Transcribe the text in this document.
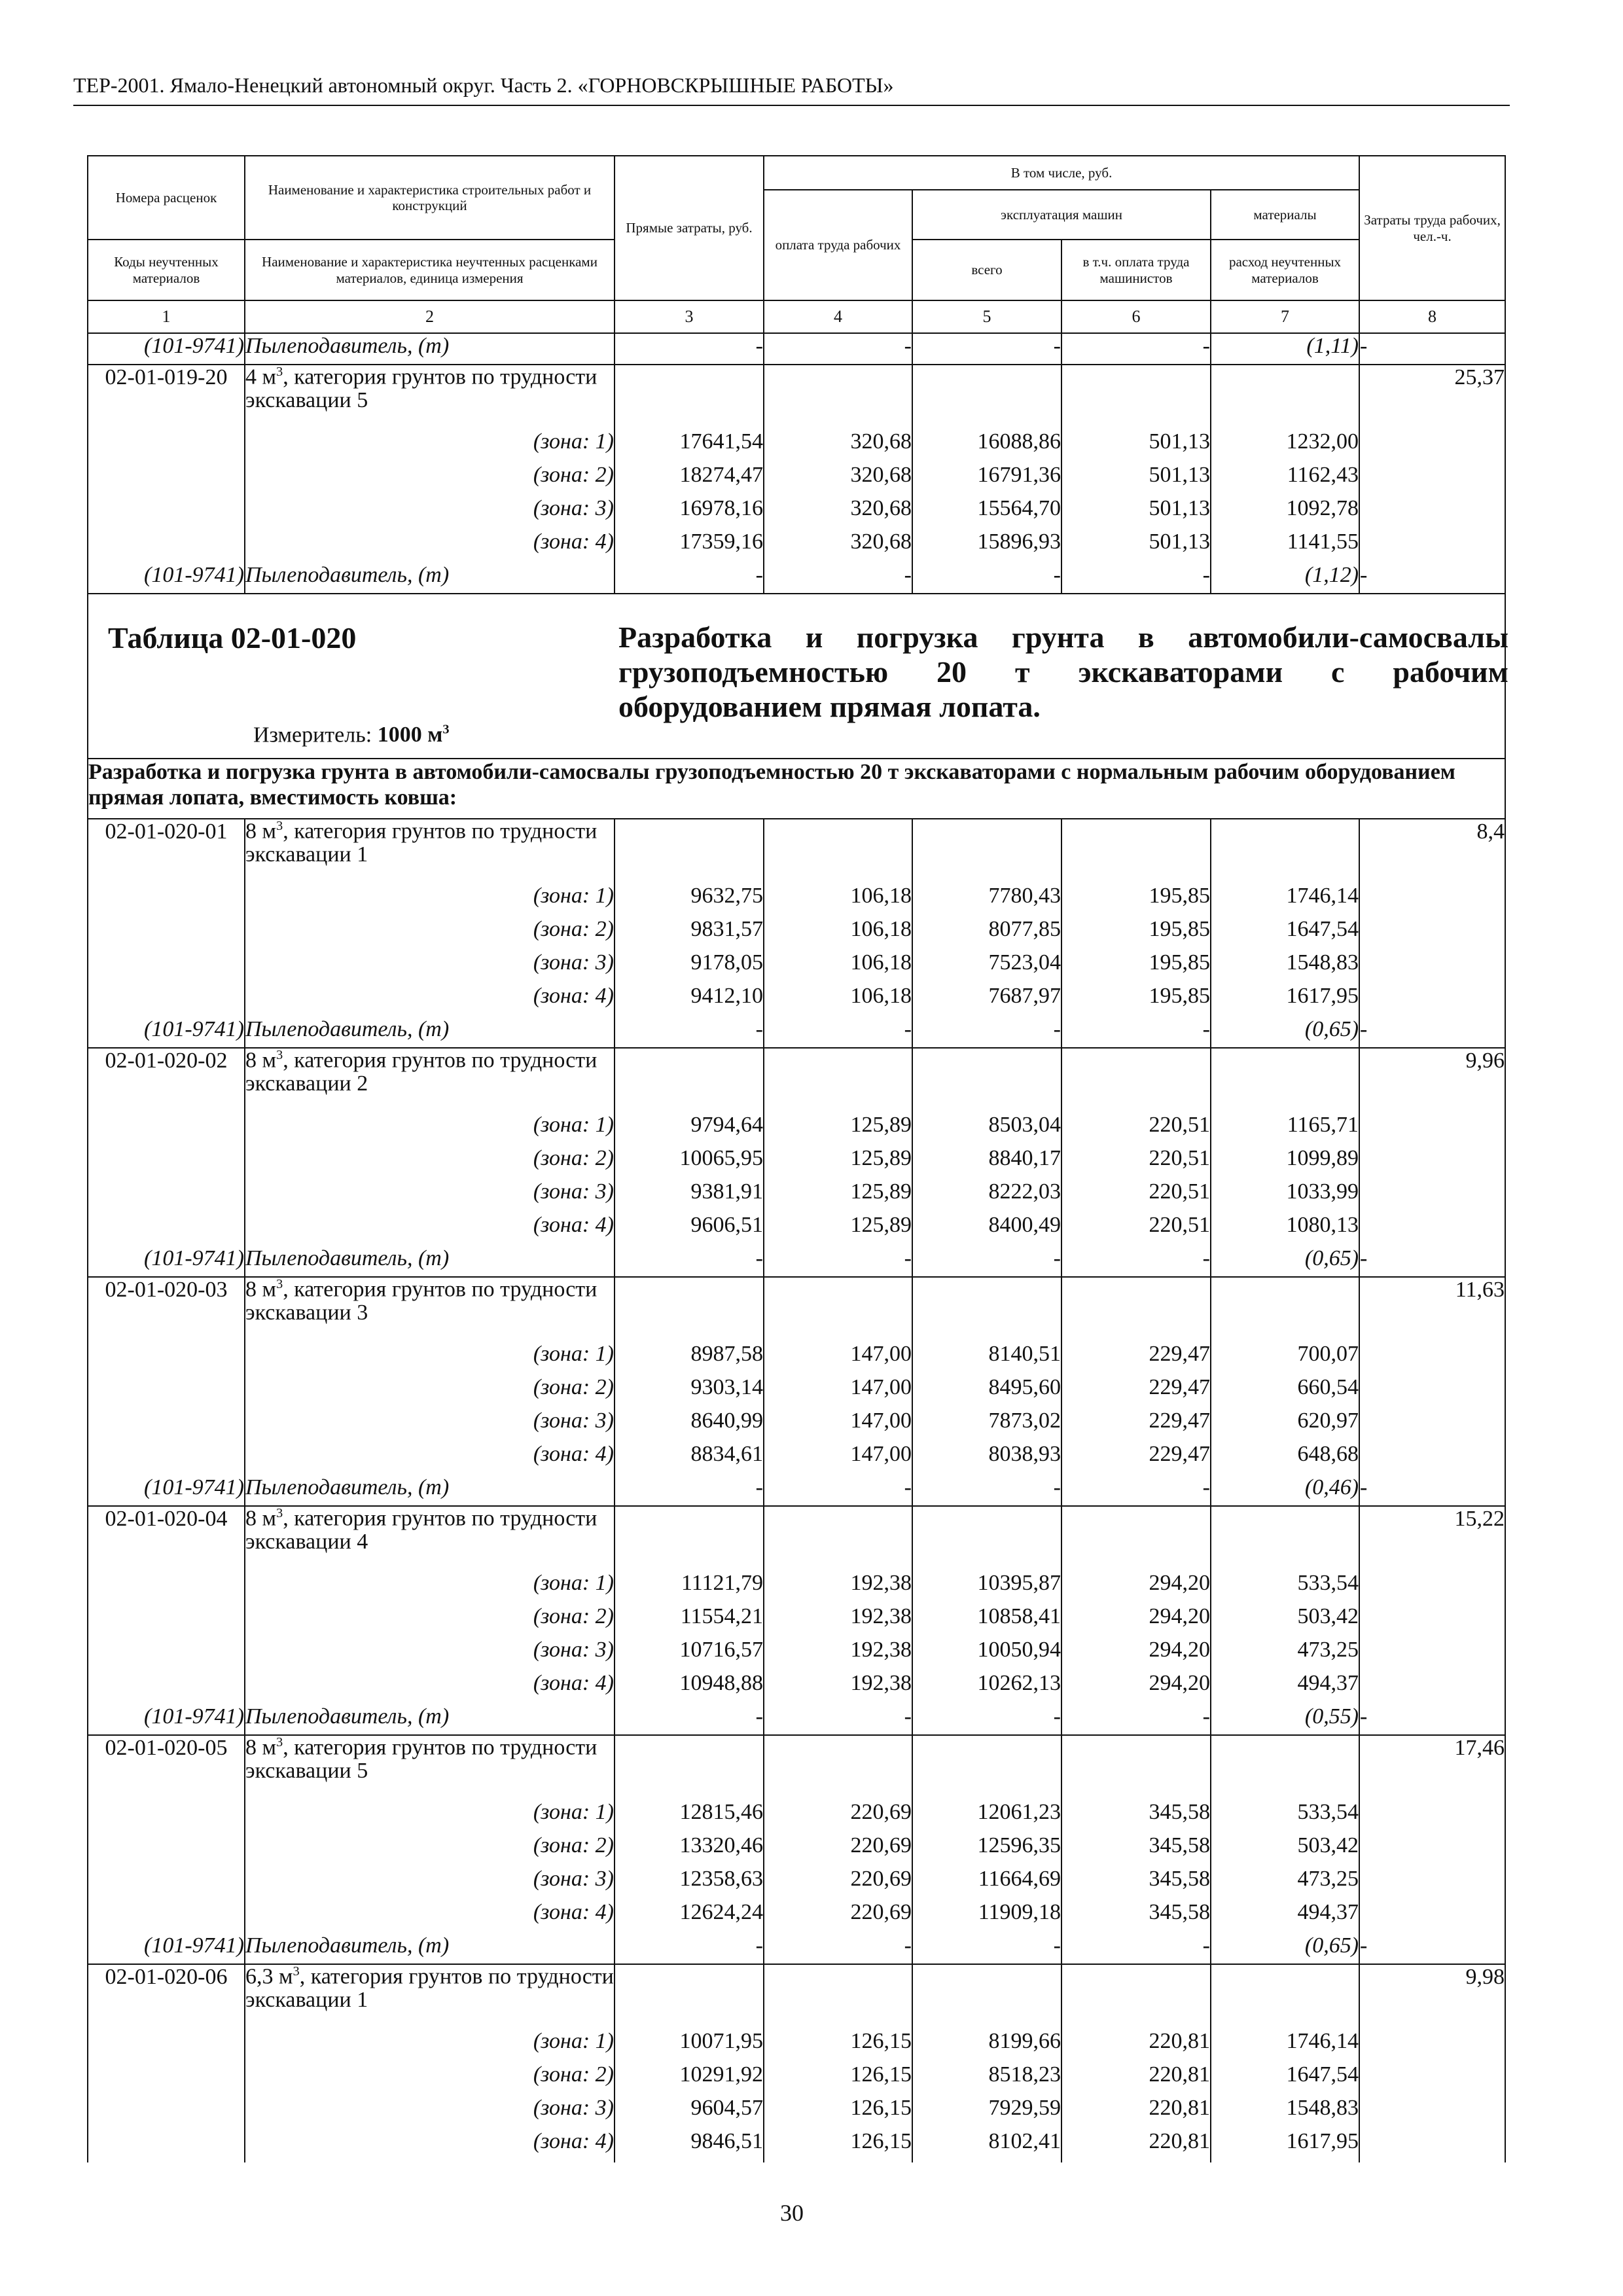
ТЕР-2001. Ямало-Ненецкий автономный округ. Часть 2. «ГОРНОВСКРЫШНЫЕ РАБОТЫ»
Номера расценок	Наименование и характеристика строительных работ и конструкций	Прямые затраты, руб.	В том числе, руб.				Затраты труда рабочих, чел.-ч.
			оплата труда рабочих	эксплуатация машин		материалы	
Коды неучтенных материалов	Наименование и характеристика неучтенных расценками материалов, единица измерения			всего	в т.ч. оплата труда машинистов	расход неучтенных материалов	
1	2	3	4	5	6	7	8
(101-9741)	Пылеподавитель, (т)	-	-	-	-	(1,11)	-
02-01-019-20	4 $м^3$, категория грунтов по трудности экскавации 5						25,37
	(зона: 1)	17641,54	320,68	16088,86	501,13	1232,00	
	(зона: 2)	18274,47	320,68	16791,36	501,13	1162,43	
	(зона: 3)	16978,16	320,68	15564,70	501,13	1092,78	
	(зона: 4)	17359,16	320,68	15896,93	501,13	1141,55	
(101-9741)	Пылеподавитель, (т)	-	-	-	-	(1,12)	-

Таблица 02-01-020 Разработка и погрузка грунта в автомобили-самосвалы грузоподъемностью 20 т экскаваторами с рабочим оборудованием прямая лопата.
Измеритель: 1000 $м^3$

Разработка и погрузка грунта в автомобили-самосвалы грузоподъемностью 20 т экскаваторами с нормальным рабочим оборудованием прямая лопата, вместимость ковша:							
02-01-020-01	8 $м^3$, категория грунтов по трудности экскавации 1						8,4
	(зона: 1)	9632,75	106,18	7780,43	195,85	1746,14	
	(зона: 2)	9831,57	106,18	8077,85	195,85	1647,54	
	(зона: 3)	9178,05	106,18	7523,04	195,85	1548,83	
	(зона: 4)	9412,10	106,18	7687,97	195,85	1617,95	
(101-9741)	Пылеподавитель, (т)	-	-	-	-	(0,65)	-
02-01-020-02	8 $м^3$, категория грунтов по трудности экскавации 2						9,96
	(зона: 1)	9794,64	125,89	8503,04	220,51	1165,71	
	(зона: 2)	10065,95	125,89	8840,17	220,51	1099,89	
	(зона: 3)	9381,91	125,89	8222,03	220,51	1033,99	
	(зона: 4)	9606,51	125,89	8400,49	220,51	1080,13	
(101-9741)	Пылеподавитель, (т)	-	-	-	-	(0,65)	-
02-01-020-03	8 $м^3$, категория грунтов по трудности экскавации 3						11,63
	(зона: 1)	8987,58	147,00	8140,51	229,47	700,07	
	(зона: 2)	9303,14	147,00	8495,60	229,47	660,54	
	(зона: 3)	8640,99	147,00	7873,02	229,47	620,97	
	(зона: 4)	8834,61	147,00	8038,93	229,47	648,68	
(101-9741)	Пылеподавитель, (т)	-	-	-	-	(0,46)	-
02-01-020-04	8 $м^3$, категория грунтов по трудности экскавации 4						15,22
	(зона: 1)	11121,79	192,38	10395,87	294,20	533,54	
	(зона: 2)	11554,21	192,38	10858,41	294,20	503,42	
	(зона: 3)	10716,57	192,38	10050,94	294,20	473,25	
	(зона: 4)	10948,88	192,38	10262,13	294,20	494,37	
(101-9741)	Пылеподавитель, (т)	-	-	-	-	(0,55)	-
02-01-020-05	8 $м^3$, категория грунтов по трудности экскавации 5						17,46
	(зона: 1)	12815,46	220,69	12061,23	345,58	533,54	
	(зона: 2)	13320,46	220,69	12596,35	345,58	503,42	
	(зона: 3)	12358,63	220,69	11664,69	345,58	473,25	
	(зона: 4)	12624,24	220,69	11909,18	345,58	494,37	
(101-9741)	Пылеподавитель, (т)	-	-	-	-	(0,65)	-
02-01-020-06	6,3 $м^3$, категория грунтов по трудности экскавации 1						9,98
	(зона: 1)	10071,95	126,15	8199,66	220,81	1746,14	
	(зона: 2)	10291,92	126,15	8518,23	220,81	1647,54	
	(зона: 3)	9604,57	126,15	7929,59	220,81	1548,83	
	(зона: 4)	9846,51	126,15	8102,41	220,81	1617,95	
30
